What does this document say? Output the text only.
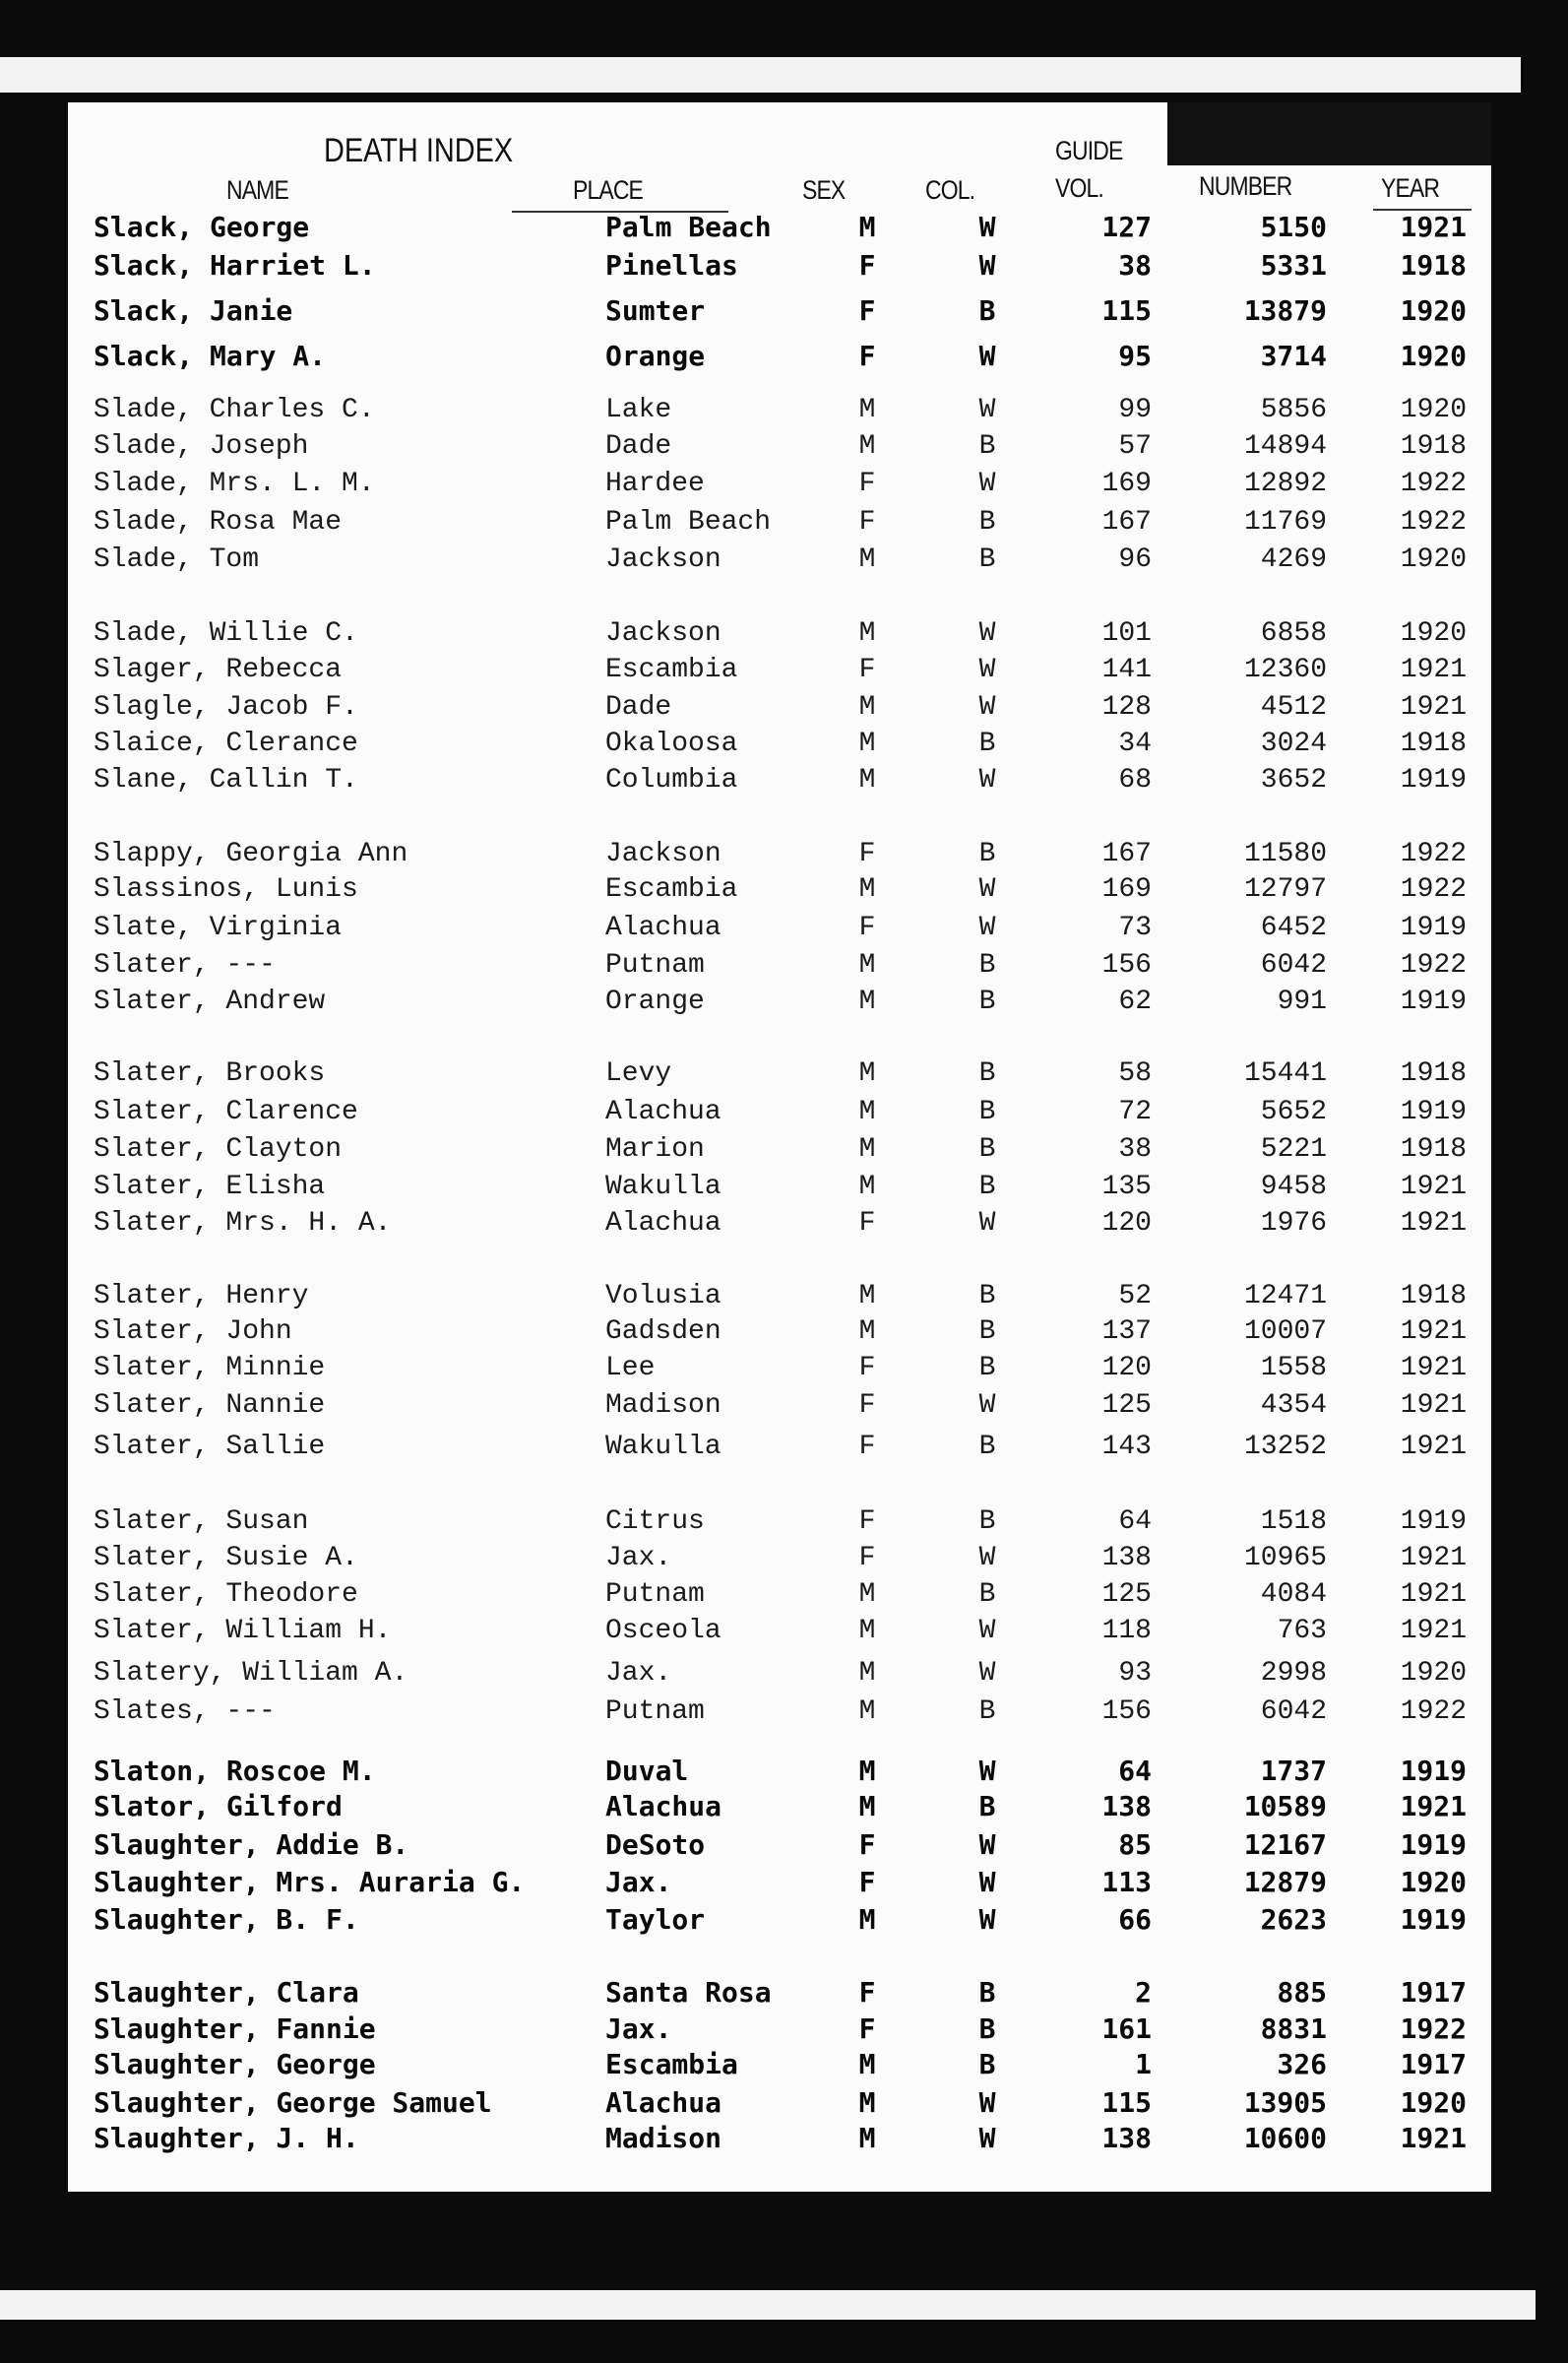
DEATH INDEX	GUIDE
NAME	PLACE	SEX	COL.	VOL.	NUMBER	YEAR
Slack, George	Palm Beach	M	W	127	5150	1921
Slack, Harriet L.	Pinellas	F	W	38	5331	1918
Slack, Janie	Sumter	F	B	115	13879	1920
Slack, Mary A.	Orange	F	W	95	3714	1920
Slade, Charles C.	Lake	M	W	99	5856	1920
Slade, Joseph	Dade	M	B	57	14894	1918
Slade, Mrs. L. M.	Hardee	F	W	169	12892	1922
Slade, Rosa Mae	Palm Beach	F	B	167	11769	1922
Slade, Tom	Jackson	M	B	96	4269	1920
Slade, Willie C.	Jackson	M	W	101	6858	1920
Slager, Rebecca	Escambia	F	W	141	12360	1921
Slagle, Jacob F.	Dade	M	W	128	4512	1921
Slaice, Clerance	Okaloosa	M	B	34	3024	1918
Slane, Callin T.	Columbia	M	W	68	3652	1919
Slappy, Georgia Ann	Jackson	F	B	167	11580	1922
Slassinos, Lunis	Escambia	M	W	169	12797	1922
Slate, Virginia	Alachua	F	W	73	6452	1919
Slater, ---	Putnam	M	B	156	6042	1922
Slater, Andrew	Orange	M	B	62	991	1919
Slater, Brooks	Levy	M	B	58	15441	1918
Slater, Clarence	Alachua	M	B	72	5652	1919
Slater, Clayton	Marion	M	B	38	5221	1918
Slater, Elisha	Wakulla	M	B	135	9458	1921
Slater, Mrs. H. A.	Alachua	F	W	120	1976	1921
Slater, Henry	Volusia	M	B	52	12471	1918
Slater, John	Gadsden	M	B	137	10007	1921
Slater, Minnie	Lee	F	B	120	1558	1921
Slater, Nannie	Madison	F	W	125	4354	1921
Slater, Sallie	Wakulla	F	B	143	13252	1921
Slater, Susan	Citrus	F	B	64	1518	1919
Slater, Susie A.	Jax.	F	W	138	10965	1921
Slater, Theodore	Putnam	M	B	125	4084	1921
Slater, William H.	Osceola	M	W	118	763	1921
Slatery, William A.	Jax.	M	W	93	2998	1920
Slates, ---	Putnam	M	B	156	6042	1922
Slaton, Roscoe M.	Duval	M	W	64	1737	1919
Slator, Gilford	Alachua	M	B	138	10589	1921
Slaughter, Addie B.	DeSoto	F	W	85	12167	1919
Slaughter, Mrs. Auraria G.	Jax.	F	W	113	12879	1920
Slaughter, B. F.	Taylor	M	W	66	2623	1919
Slaughter, Clara	Santa Rosa	F	B	2	885	1917
Slaughter, Fannie	Jax.	F	B	161	8831	1922
Slaughter, George	Escambia	M	B	1	326	1917
Slaughter, George Samuel	Alachua	M	W	115	13905	1920
Slaughter, J. H.	Madison	M	W	138	10600	1921
